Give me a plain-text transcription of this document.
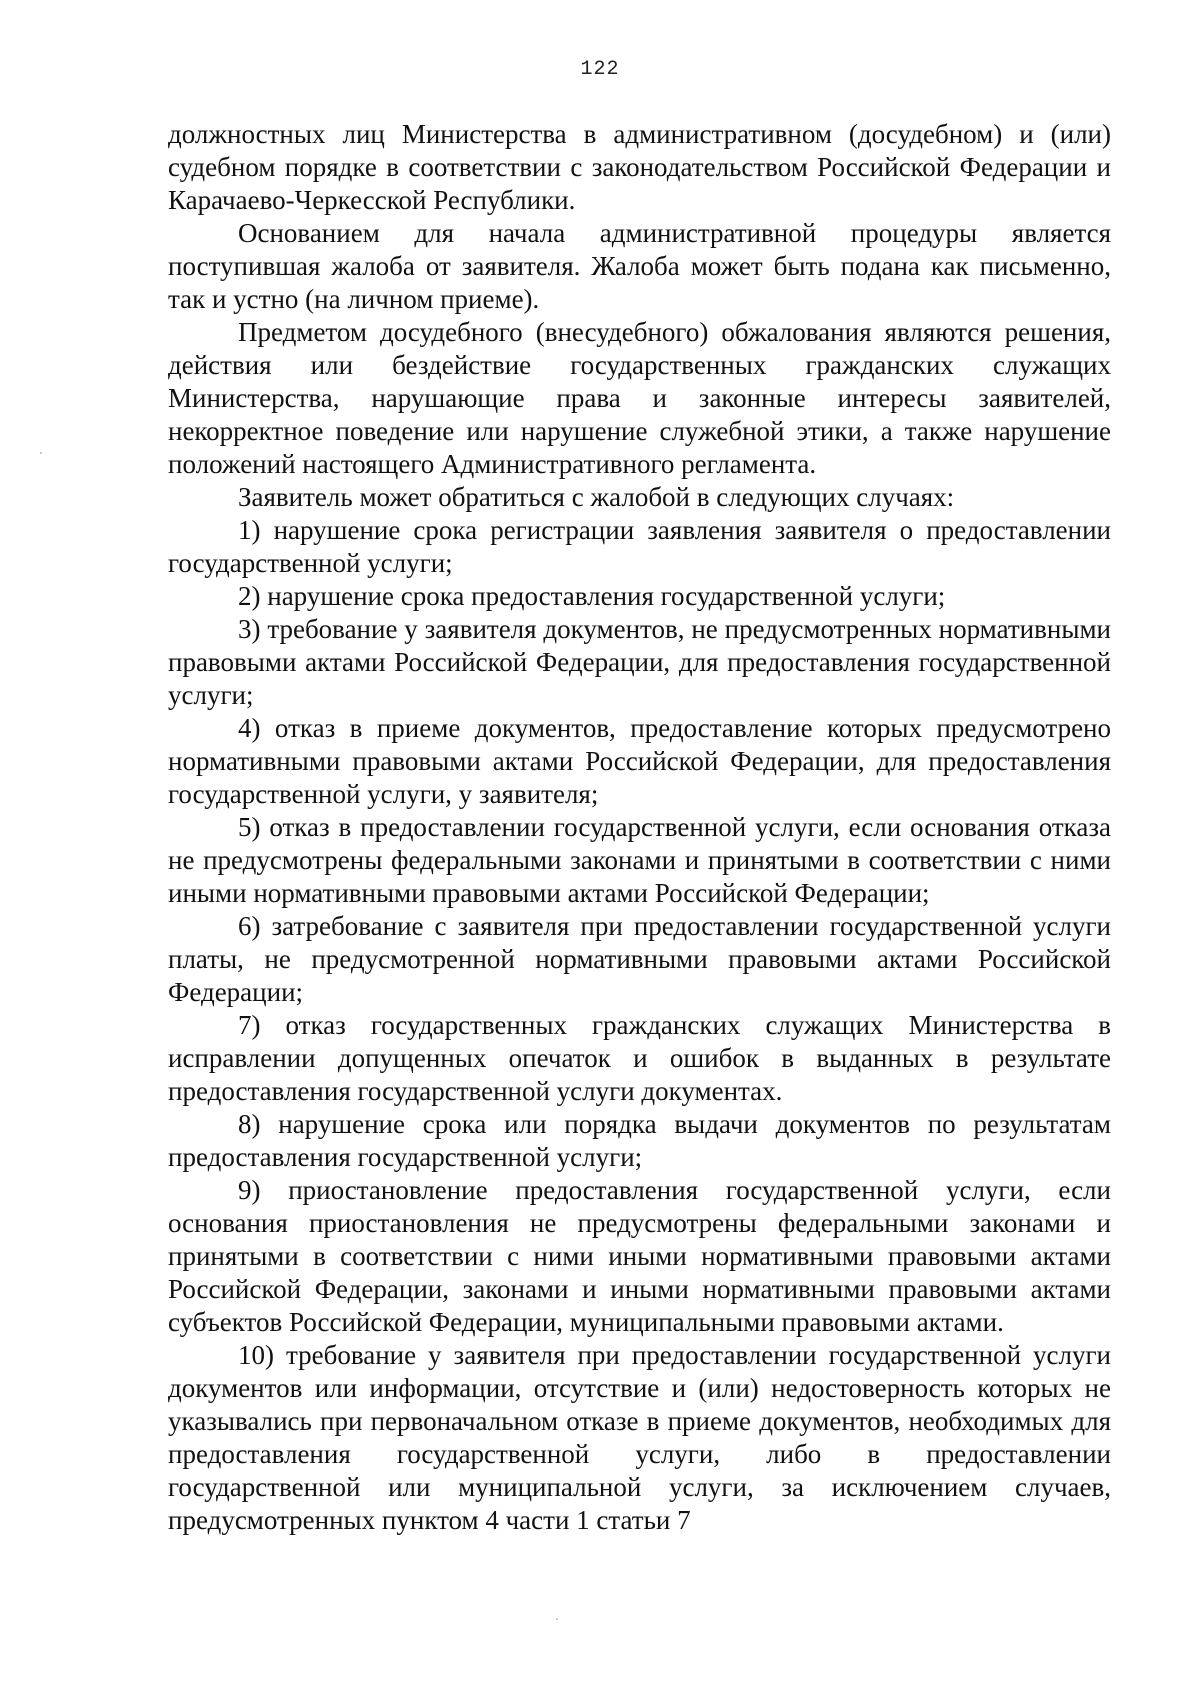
122

должностных лиц Министерства в административном (досудебном) и (или) судебном порядке в соответствии с законодательством Российской Федерации и Карачаево-Черкесской Республики.

Основанием для начала административной процедуры является поступившая жалоба от заявителя. Жалоба может быть подана как письменно, так и устно (на личном приеме).

Предметом досудебного (внесудебного) обжалования являются решения, действия или бездействие государственных гражданских служащих Министерства, нарушающие права и законные интересы заявителей, некорректное поведение или нарушение служебной этики, а также нарушение положений настоящего Административного регламента.

Заявитель может обратиться с жалобой в следующих случаях:

1) нарушение срока регистрации заявления заявителя о предоставлении государственной услуги;

2) нарушение срока предоставления государственной услуги;

3) требование у заявителя документов, не предусмотренных нормативными правовыми актами Российской Федерации, для предоставления государственной услуги;

4) отказ в приеме документов, предоставление которых предусмотрено нормативными правовыми актами Российской Федерации, для предоставления государственной услуги, у заявителя;

5) отказ в предоставлении государственной услуги, если основания отказа не предусмотрены федеральными законами и принятыми в соответствии с ними иными нормативными правовыми актами Российской Федерации;

6) затребование с заявителя при предоставлении государственной услуги платы, не предусмотренной нормативными правовыми актами Российской Федерации;

7) отказ государственных гражданских служащих Министерства в исправлении допущенных опечаток и ошибок в выданных в результате предоставления государственной услуги документах.

8) нарушение срока или порядка выдачи документов по результатам предоставления государственной услуги;

9) приостановление предоставления государственной услуги, если основания приостановления не предусмотрены федеральными законами и принятыми в соответствии с ними иными нормативными правовыми актами Российской Федерации, законами и иными нормативными правовыми актами субъектов Российской Федерации, муниципальными правовыми актами.

10) требование у заявителя при предоставлении государственной услуги документов или информации, отсутствие и (или) недостоверность которых не указывались при первоначальном отказе в приеме документов, необходимых для предоставления государственной услуги, либо в предоставлении государственной или муниципальной услуги, за исключением случаев, предусмотренных пунктом 4 части 1 статьи 7
